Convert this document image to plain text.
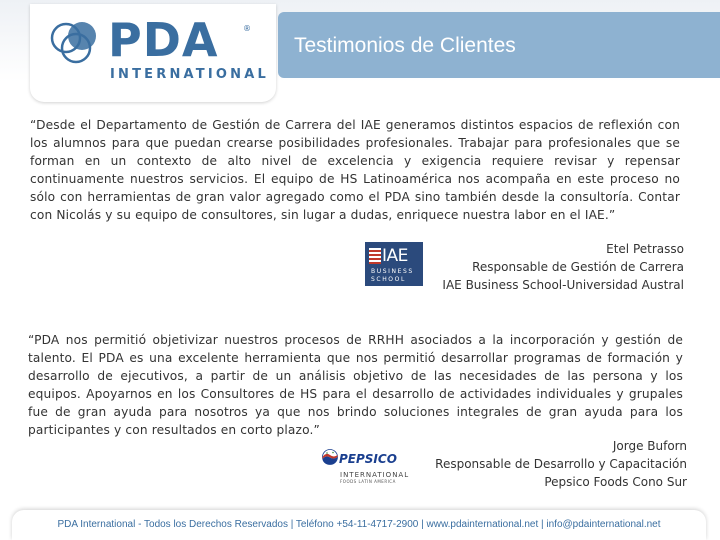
PDA	®
INTERNATIONAL
Testimonios de Clientes

“Desde el Departamento de Gestión de Carrera del IAE generamos distintos espacios de reflexión con los alumnos para que puedan crearse posibilidades profesionales. Trabajar para profesionales que se forman en un contexto de alto nivel de excelencia y exigencia requiere revisar y repensar continuamente nuestros servicios. El equipo de HS Latinoamérica nos acompaña en este proceso no sólo con herramientas de gran valor agregado como el PDA sino también desde la consultoría. Contar con Nicolás y su equipo de consultores, sin lugar a dudas, enriquece nuestra labor en el IAE.”

IAE
BUSINESS
SCHOOL
Etel Petrasso
Responsable de Gestión de Carrera
IAE Business School-Universidad Austral

“PDA nos permitió objetivizar nuestros procesos de RRHH asociados a la incorporación y gestión de talento. El PDA es una excelente herramienta que nos permitió desarrollar programas de formación y desarrollo de ejecutivos, a partir de un análisis objetivo de las necesidades de las persona y los equipos. Apoyarnos en los Consultores de HS para el desarrollo de actividades individuales y grupales fue de gran ayuda para nosotros ya que nos brindo soluciones integrales de gran ayuda para los participantes y con resultados en corto plazo.”

PEPSICO
INTERNATIONAL
FOODS LATIN AMERICA
Jorge Buforn
Responsable de Desarrollo y Capacitación
Pepsico Foods Cono Sur
PDA International - Todos los Derechos Reservados | Teléfono +54-11-4717-2900 | www.pdainternational.net | info@pdainternational.net
